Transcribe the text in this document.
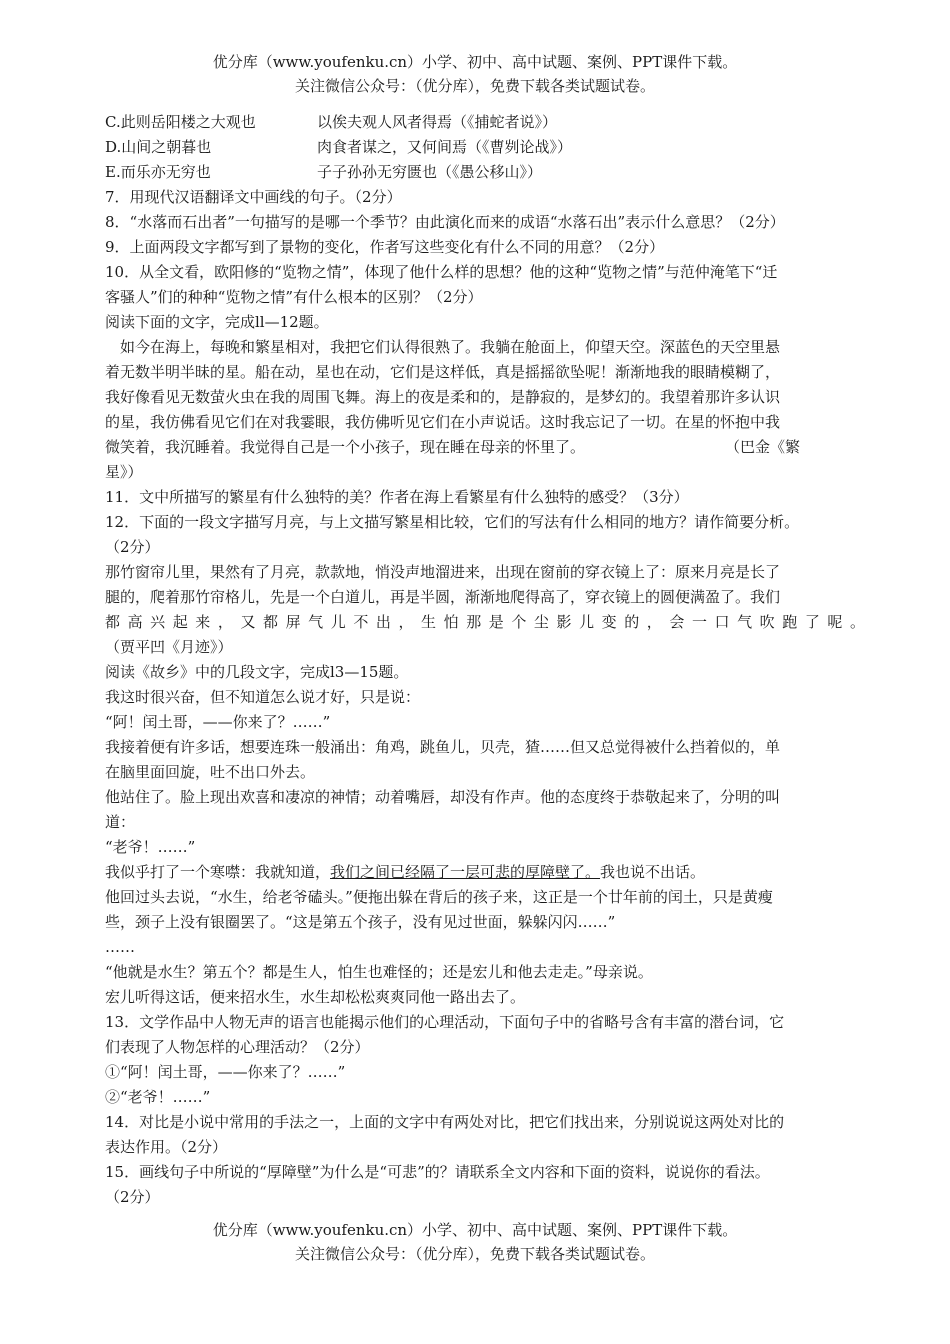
优分库（www.youfenku.cn）小学、初中、高中试题、案例、PPT课件下载。
关注微信公众号：（优分库），免费下载各类试题试卷。
C.此则岳阳楼之大观也	以俟夫观人风者得焉（《捕蛇者说》）
D.山间之朝暮也	肉食者谋之，又何间焉（《曹刿论战》）
E.而乐亦无穷也	子子孙孙无穷匮也（《愚公移山》）
7．用现代汉语翻译文中画线的句子。（2分）
8．“水落而石出者”一句描写的是哪一个季节？由此演化而来的成语“水落石出”表示什么意思？（2分）
9．上面两段文字都写到了景物的变化，作者写这些变化有什么不同的用意？（2分）
10．从全文看，欧阳修的“览物之情”，体现了他什么样的思想？他的这种“览物之情”与范仲淹笔下“迁
客骚人”们的种种“览物之情”有什么根本的区别？（2分）
阅读下面的文字，完成ll—12题。
如今在海上，每晚和繁星相对，我把它们认得很熟了。我躺在舱面上，仰望天空。深蓝色的天空里悬
着无数半明半昧的星。船在动，星也在动，它们是这样低，真是摇摇欲坠呢！渐渐地我的眼睛模糊了，
我好像看见无数萤火虫在我的周围飞舞。海上的夜是柔和的，是静寂的，是梦幻的。我望着那许多认识
的星，我仿佛看见它们在对我霎眼，我仿佛听见它们在小声说话。这时我忘记了一切。在星的怀抱中我
微笑着，我沉睡着。我觉得自己是一个小孩子，现在睡在母亲的怀里了。	（巴金《繁
星》）
11．文中所描写的繁星有什么独特的美？作者在海上看繁星有什么独特的感受？（3分）
12．下面的一段文字描写月亮，与上文描写繁星相比较，它们的写法有什么相同的地方？请作简要分析。
（2分）
那竹窗帘儿里，果然有了月亮，款款地，悄没声地溜进来，出现在窗前的穿衣镜上了：原来月亮是长了
腿的，爬着那竹帘格儿，先是一个白道儿，再是半圆，渐渐地爬得高了，穿衣镜上的圆便满盈了。我们
都高兴起来，又都屏气儿不出，生怕那是个尘影儿变的，会一口气吹跑了呢。
（贾平凹《月迹》）
阅读《故乡》中的几段文字，完成l3—15题。
我这时很兴奋，但不知道怎么说才好，只是说：
“阿！闰土哥，——你来了？……”
我接着便有许多话，想要连珠一般涌出：角鸡，跳鱼儿，贝壳，猹……但又总觉得被什么挡着似的，单
在脑里面回旋，吐不出口外去。
他站住了。脸上现出欢喜和凄凉的神情；动着嘴唇，却没有作声。他的态度终于恭敬起来了，分明的叫
道：
“老爷！……”
我似乎打了一个寒噤：我就知道，我们之间已经隔了一层可悲的厚障壁了。我也说不出话。
他回过头去说，“水生，给老爷磕头。”便拖出躲在背后的孩子来，这正是一个廿年前的闰土，只是黄瘦
些，颈子上没有银圈罢了。“这是第五个孩子，没有见过世面，躲躲闪闪……”
……
“他就是水生？第五个？都是生人，怕生也难怪的；还是宏儿和他去走走。”母亲说。
宏儿听得这话，便来招水生，水生却松松爽爽同他一路出去了。
13．文学作品中人物无声的语言也能揭示他们的心理活动，下面句子中的省略号含有丰富的潜台词，它
们表现了人物怎样的心理活动？（2分）
①“阿！闰土哥，——你来了？……”
②“老爷！……”
14．对比是小说中常用的手法之一，上面的文字中有两处对比，把它们找出来，分别说说这两处对比的
表达作用。（2分）
15．画线句子中所说的“厚障壁”为什么是“可悲”的？请联系全文内容和下面的资料，说说你的看法。
（2分）
优分库（www.youfenku.cn）小学、初中、高中试题、案例、PPT课件下载。
关注微信公众号：（优分库），免费下载各类试题试卷。
